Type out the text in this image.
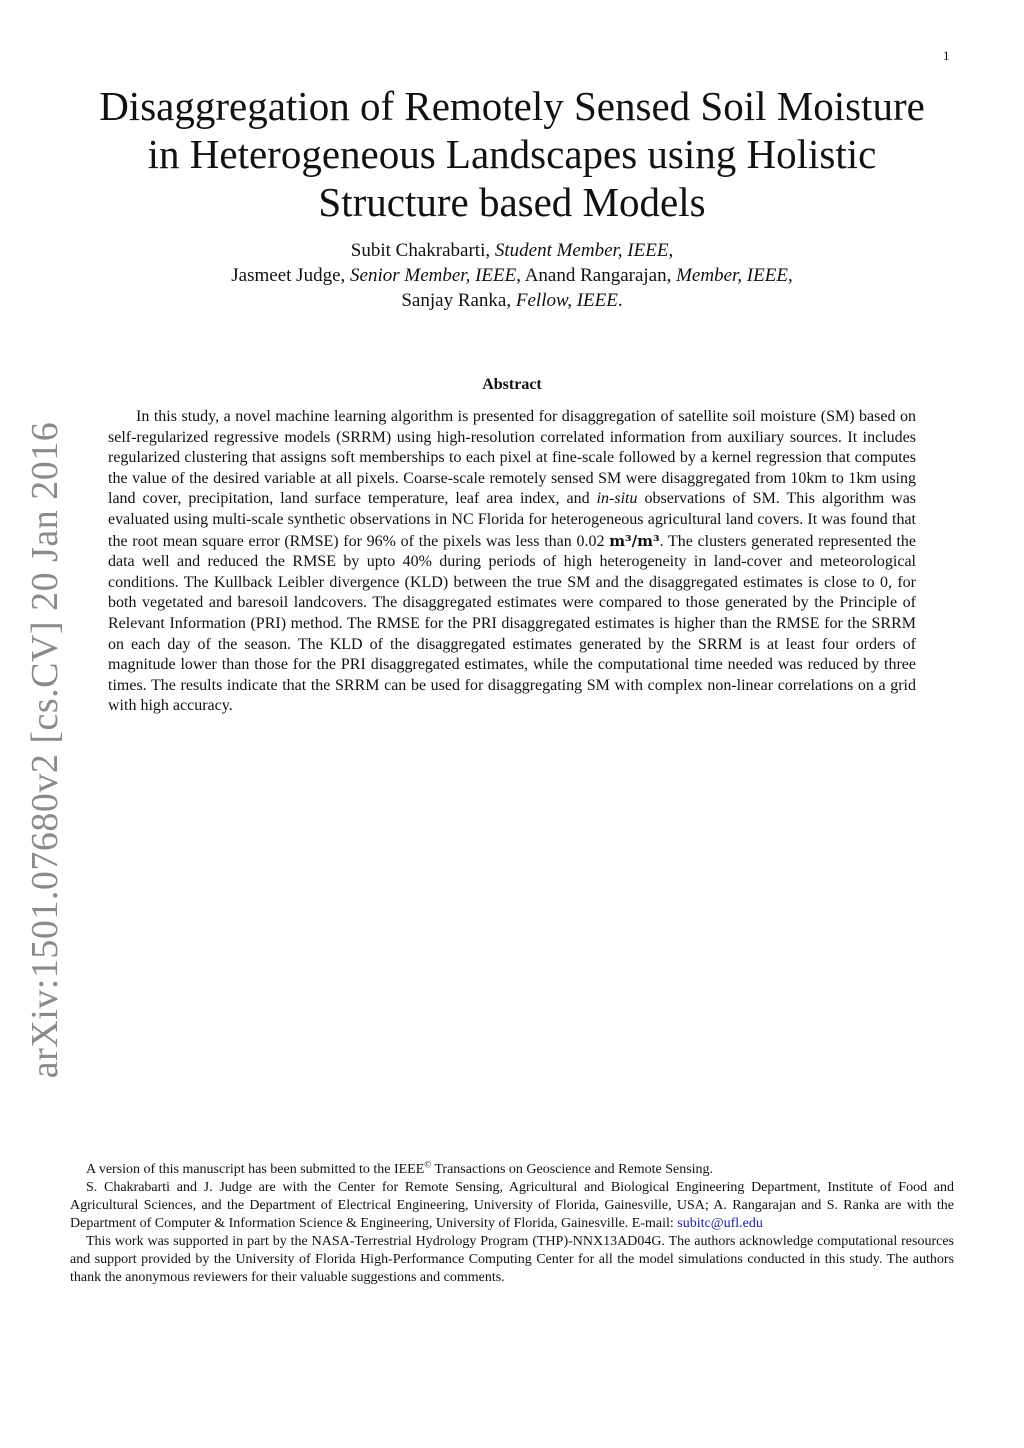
1
arXiv:1501.07680v2 [cs.CV] 20 Jan 2016
Disaggregation of Remotely Sensed Soil Moisture
in Heterogeneous Landscapes using Holistic
Structure based Models
Subit Chakrabarti, Student Member, IEEE,
Jasmeet Judge, Senior Member, IEEE, Anand Rangarajan, Member, IEEE,
Sanjay Ranka, Fellow, IEEE.
Abstract

In this study, a novel machine learning algorithm is presented for disaggregation of satellite soil moisture (SM) based on self-regularized regressive models (SRRM) using high-resolution correlated information from auxiliary sources. It includes regularized clustering that assigns soft memberships to each pixel at fine-scale followed by a kernel regression that computes the value of the desired variable at all pixels. Coarse-scale remotely sensed SM were disaggregated from 10km to 1km using land cover, precipitation, land surface temperature, leaf area index, and in-situ observations of SM. This algorithm was evaluated using multi-scale synthetic observations in NC Florida for heterogeneous agricultural land covers. It was found that the root mean square error (RMSE) for 96% of the pixels was less than 0.02 m³/m³. The clusters generated represented the data well and reduced the RMSE by upto 40% during periods of high heterogeneity in land-cover and meteorological conditions. The Kullback Leibler divergence (KLD) between the true SM and the disaggregated estimates is close to 0, for both vegetated and baresoil landcovers. The disaggregated estimates were compared to those generated by the Principle of Relevant Information (PRI) method. The RMSE for the PRI disaggregated estimates is higher than the RMSE for the SRRM on each day of the season. The KLD of the disaggregated estimates generated by the SRRM is at least four orders of magnitude lower than those for the PRI disaggregated estimates, while the computational time needed was reduced by three times. The results indicate that the SRRM can be used for disaggregating SM with complex non-linear correlations on a grid with high accuracy.

A version of this manuscript has been submitted to the IEEE© Transactions on Geoscience and Remote Sensing.

S. Chakrabarti and J. Judge are with the Center for Remote Sensing, Agricultural and Biological Engineering Department, Institute of Food and Agricultural Sciences, and the Department of Electrical Engineering, University of Florida, Gainesville, USA; A. Rangarajan and S. Ranka are with the Department of Computer & Information Science & Engineering, University of Florida, Gainesville. E-mail: subitc@ufl.edu

This work was supported in part by the NASA-Terrestrial Hydrology Program (THP)-NNX13AD04G. The authors acknowledge computational resources and support provided by the University of Florida High-Performance Computing Center for all the model simulations conducted in this study. The authors thank the anonymous reviewers for their valuable suggestions and comments.
